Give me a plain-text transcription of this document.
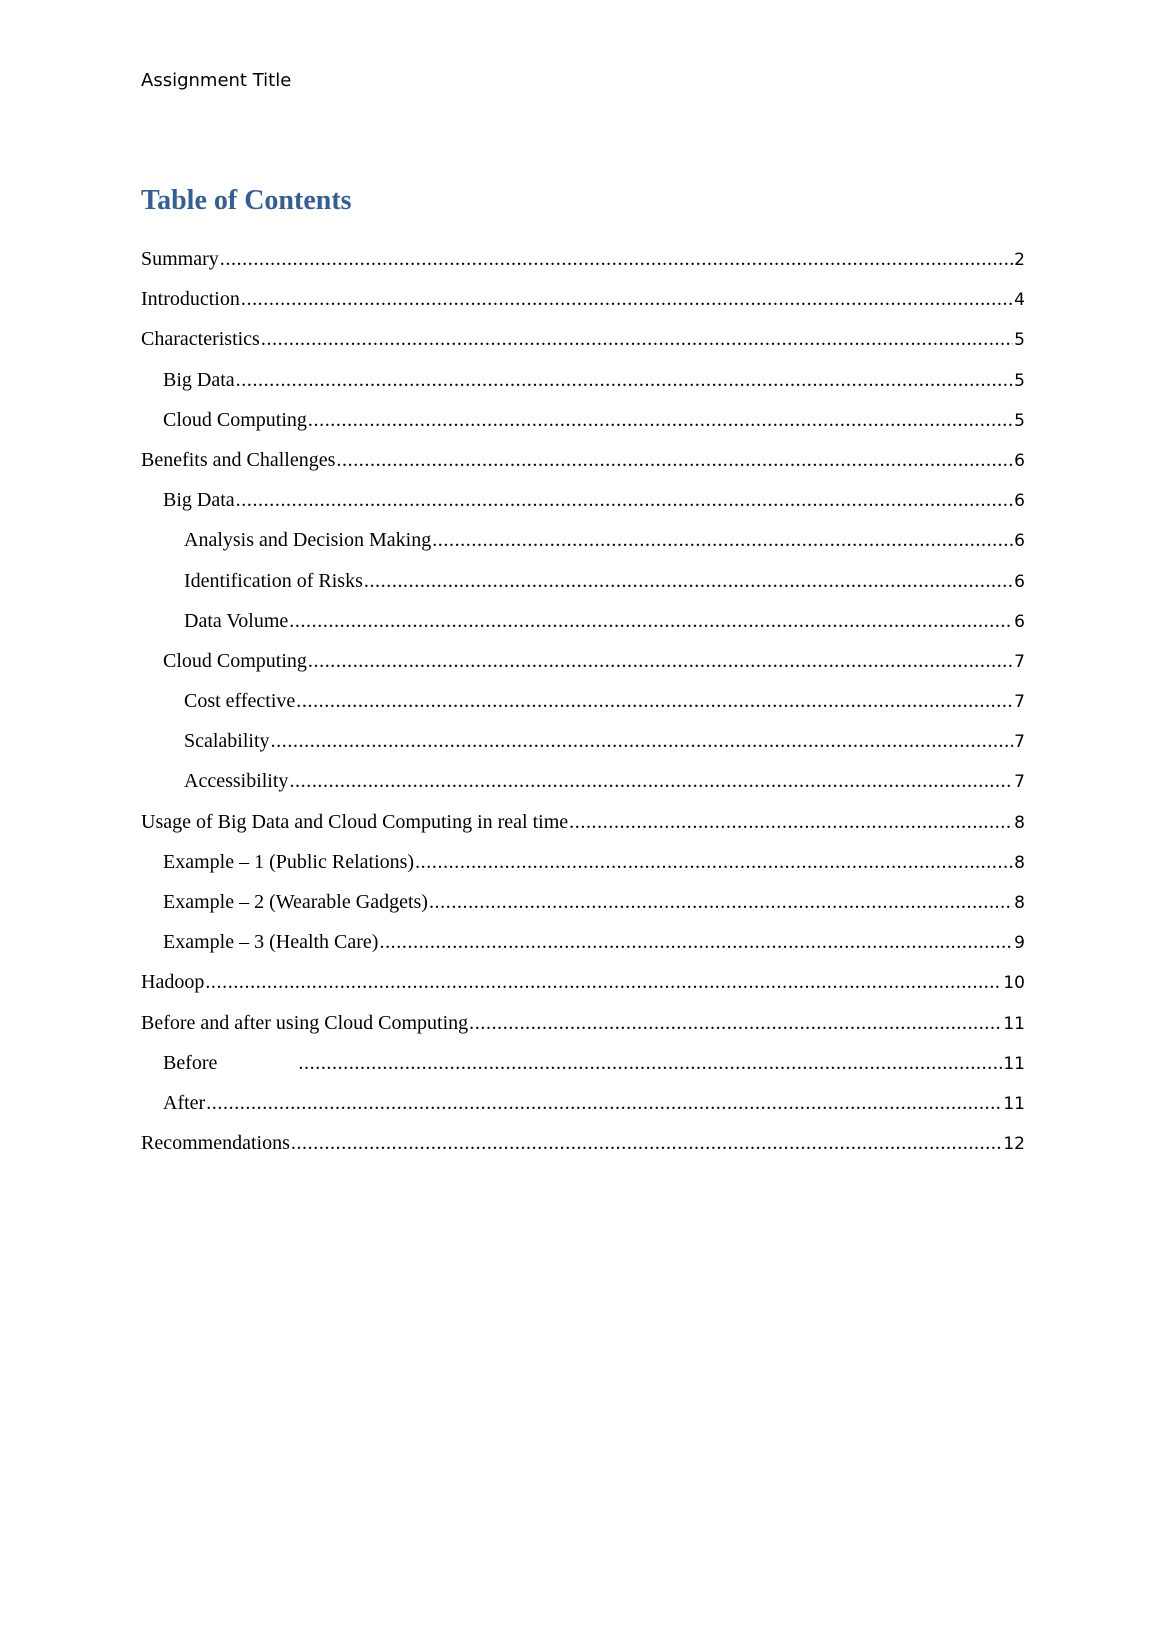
Assignment Title
Table of Contents
Summary .....	2
Introduction .....	4
Characteristics .....	5
Big Data .....	5
Cloud Computing .....	5
Benefits and Challenges .....	6
Big Data .....	6
Analysis and Decision Making .....	6
Identification of Risks .....	6
Data Volume .....	6
Cloud Computing .....	7
Cost effective .....	7
Scalability .....	7
Accessibility .....	7
Usage of Big Data and Cloud Computing in real time .....	8
Example – 1 (Public Relations) .....	8
Example – 2 (Wearable Gadgets) .....	8
Example – 3 (Health Care) .....	9
Hadoop .....	10
Before and after using Cloud Computing .....	11
Before .....	11
After .....	11
Recommendations .....	12
